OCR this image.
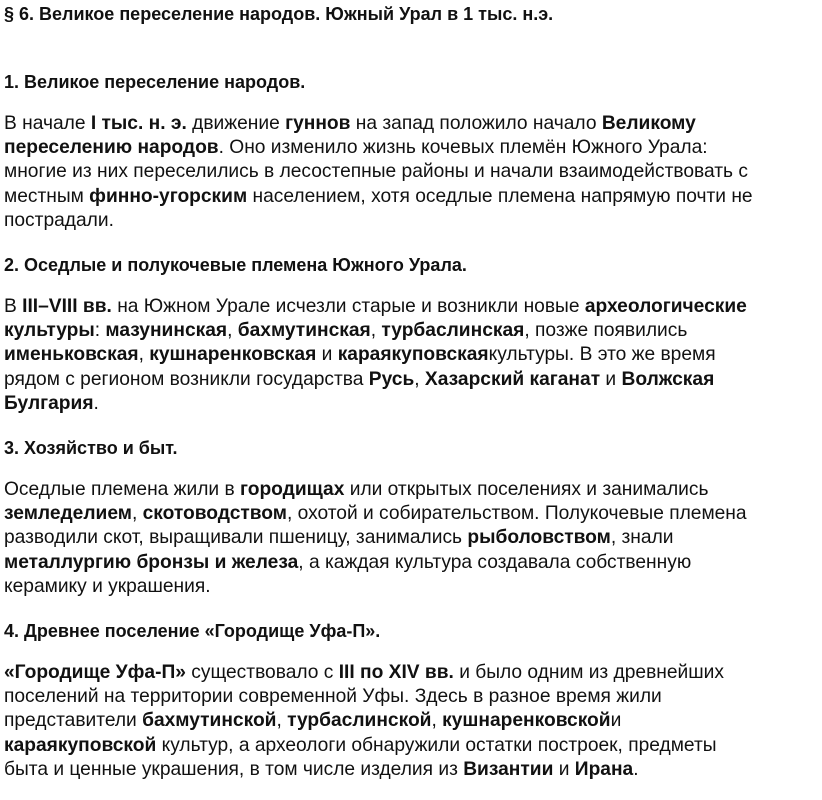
§ 6. Великое переселение народов. Южный Урал в 1 тыс. н.э.
1. Великое переселение народов.
В начале I тыс. н. э. движение гуннов на запад положило начало Великому
переселению народов. Оно изменило жизнь кочевых племён Южного Урала:
многие из них переселились в лесостепные районы и начали взаимодействовать с
местным финно-угорским населением, хотя оседлые племена напрямую почти не
пострадали.
2. Оседлые и полукочевые племена Южного Урала.
В III–VIII вв. на Южном Урале исчезли старые и возникли новые археологические
культуры: мазунинская, бахмутинская, турбаслинская, позже появились
именьковская, кушнаренковская и караякуповскаякультуры. В это же время
рядом с регионом возникли государства Русь, Хазарский каганат и Волжская
Булгария.
3. Хозяйство и быт.
Оседлые племена жили в городищах или открытых поселениях и занимались
земледелием, скотоводством, охотой и собирательством. Полукочевые племена
разводили скот, выращивали пшеницу, занимались рыболовством, знали
металлургию бронзы и железа, а каждая культура создавала собственную
керамику и украшения.
4. Древнее поселение «Городище Уфа-П».
«Городище Уфа-П» существовало с III по XIV вв. и было одним из древнейших
поселений на территории современной Уфы. Здесь в разное время жили
представители бахмутинской, турбаслинской, кушнаренковскойи
караякуповской культур, а археологи обнаружили остатки построек, предметы
быта и ценные украшения, в том числе изделия из Византии и Ирана.
